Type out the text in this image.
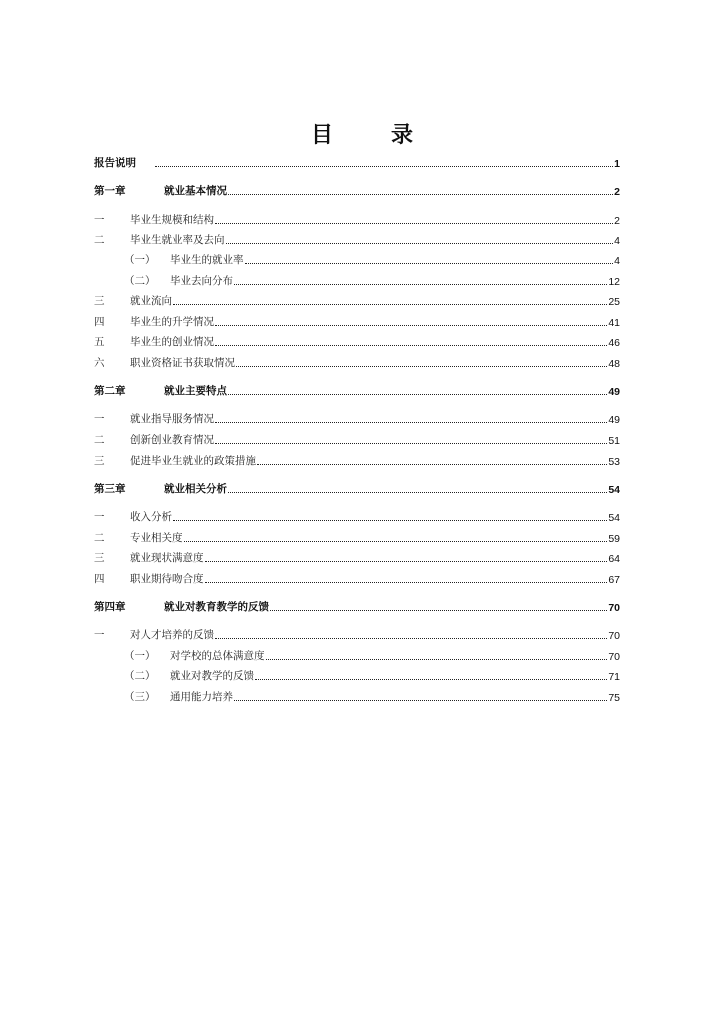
目　录
报告说明	1
第一章	就业基本情况	2
一	毕业生规模和结构	2
二	毕业生就业率及去向	4
（一）	毕业生的就业率	4
（二）	毕业去向分布	12
三	就业流向	25
四	毕业生的升学情况	41
五	毕业生的创业情况	46
六	职业资格证书获取情况	48
第二章	就业主要特点	49
一	就业指导服务情况	49
二	创新创业教育情况	51
三	促进毕业生就业的政策措施	53
第三章	就业相关分析	54
一	收入分析	54
二	专业相关度	59
三	就业现状满意度	64
四	职业期待吻合度	67
第四章	就业对教育教学的反馈	70
一	对人才培养的反馈	70
（一）	对学校的总体满意度	70
（二）	就业对教学的反馈	71
（三）	通用能力培养	75
